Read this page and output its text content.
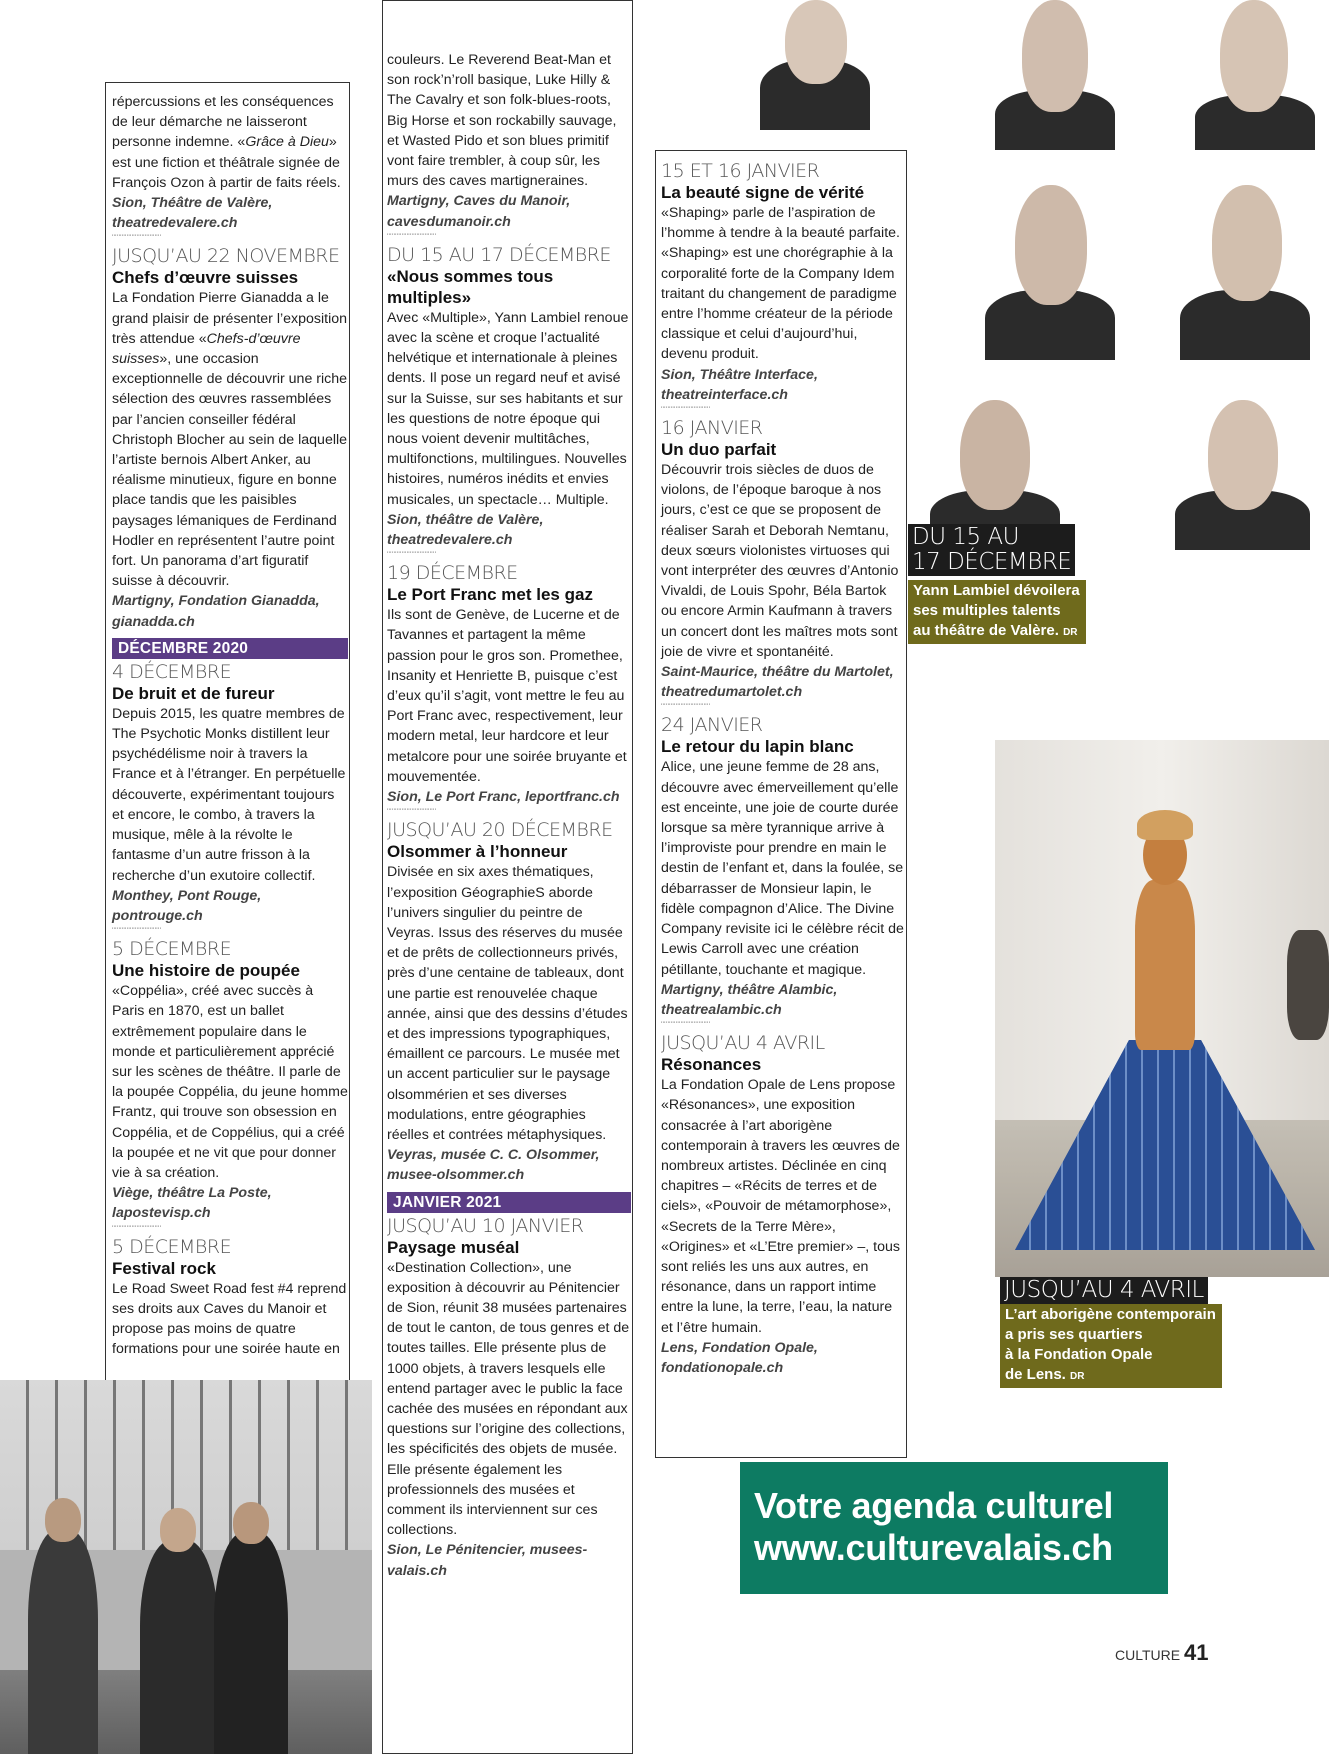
répercussions et les conséquences de leur démarche ne laisseront personne indemne. «Grâce à Dieu» est une fiction et théâtrale signée de François Ozon à partir de faits réels.

Sion, Théâtre de Valère, theatredevalere.ch

''''''''''''''''''''''''''''''
JUSQU’AU 22 NOVEMBRE
Chefs d’œuvre suisses

La Fondation Pierre Gianadda a le grand plaisir de présenter l’exposition très attendue «Chefs-d’œuvre suisses», une occasion exceptionnelle de découvrir une riche sélection des œuvres rassemblées par l’ancien conseiller fédéral Christoph Blocher au sein de laquelle l’artiste bernois Albert Anker, au réalisme minutieux, figure en bonne place tandis que les paisibles paysages lémaniques de Ferdinand Hodler en représentent l’autre point fort. Un panorama d’art figuratif suisse à découvrir.

Martigny, Fondation Gianadda, gianadda.ch

DÉCEMBRE 2020
4 DÉCEMBRE
De bruit et de fureur

Depuis 2015, les quatre membres de The Psychotic Monks distillent leur psychédélisme noir à travers la France et à l’étranger. En perpétuelle découverte, expérimentant toujours et encore, le combo, à travers la musique, mêle à la révolte le fantasme d’un autre frisson à la recherche d’un exutoire collectif.

Monthey, Pont Rouge, pontrouge.ch

''''''''''''''''''''''''''''''
5 DÉCEMBRE
Une histoire de poupée

«Coppélia», créé avec succès à Paris en 1870, est un ballet extrêmement populaire dans le monde et particulièrement apprécié sur les scènes de théâtre. Il parle de la poupée Coppélia, du jeune homme Frantz, qui trouve son obsession en Coppélia, et de Coppélius, qui a créé la poupée et ne vit que pour donner vie à sa création.

Viège, théâtre La Poste, lapostevisp.ch

''''''''''''''''''''''''''''''
5 DÉCEMBRE
Festival rock

Le Road Sweet Road fest #4 reprend ses droits aux Caves du Manoir et propose pas moins de quatre formations pour une soirée haute en

couleurs. Le Reverend Beat-Man et son rock’n’roll basique, Luke Hilly & The Cavalry et son folk-blues-roots, Big Horse et son rockabilly sauvage, et Wasted Pido et son blues primitif vont faire trembler, à coup sûr, les murs des caves martigneraines.

Martigny, Caves du Manoir, cavesdumanoir.ch

''''''''''''''''''''''''''''''
DU 15 AU 17 DÉCEMBRE
«Nous sommes tous multiples»

Avec «Multiple», Yann Lambiel renoue avec la scène et croque l’actualité helvétique et internationale à pleines dents. Il pose un regard neuf et avisé sur la Suisse, sur ses habitants et sur les questions de notre époque qui nous voient devenir multitâches, multifonctions, multilingues. Nouvelles histoires, numéros inédits et envies musicales, un spectacle… Multiple.

Sion, théâtre de Valère, theatredevalere.ch

''''''''''''''''''''''''''''''
19 DÉCEMBRE
Le Port Franc met les gaz

Ils sont de Genève, de Lucerne et de Tavannes et partagent la même passion pour le gros son. Promethee, Insanity et Henriette B, puisque c’est d’eux qu’il s’agit, vont mettre le feu au Port Franc avec, respectivement, leur modern metal, leur hardcore et leur metalcore pour une soirée bruyante et mouvementée.

Sion, Le Port Franc, leportfranc.ch

''''''''''''''''''''''''''''''
JUSQU’AU 20 DÉCEMBRE
Olsommer à l’honneur

Divisée en six axes thématiques, l’exposition GéographieS aborde l’univers singulier du peintre de Veyras. Issus des réserves du musée et de prêts de collectionneurs privés, près d’une centaine de tableaux, dont une partie est renouvelée chaque année, ainsi que des dessins d’études et des impressions typographiques, émaillent ce parcours. Le musée met un accent particulier sur le paysage olsommérien et ses diverses modulations, entre géographies réelles et contrées métaphysiques.

Veyras, musée C. C. Olsommer, musee-olsommer.ch

JANVIER 2021
JUSQU’AU 10 JANVIER
Paysage muséal

«Destination Collection», une exposition à découvrir au Pénitencier de Sion, réunit 38 musées partenaires de tout le canton, de tous genres et de toutes tailles. Elle présente plus de 1000 objets, à travers lesquels elle entend partager avec le public la face cachée des musées en répondant aux questions sur l’origine des collections, les spécificités des objets de musée. Elle présente également les professionnels des musées et comment ils interviennent sur ces collections.

Sion, Le Pénitencier, musees-valais.ch

15 ET 16 JANVIER
La beauté signe de vérité

«Shaping» parle de l’aspiration de l’homme à tendre à la beauté parfaite. «Shaping» est une chorégraphie à la corporalité forte de la Company Idem traitant du changement de paradigme entre l’homme créateur de la période classique et celui d’aujourd’hui, devenu produit.

Sion, Théâtre Interface, theatreinterface.ch

''''''''''''''''''''''''''''''
16 JANVIER
Un duo parfait

Découvrir trois siècles de duos de violons, de l’époque baroque à nos jours, c’est ce que se proposent de réaliser Sarah et Deborah Nemtanu, deux sœurs violonistes virtuoses qui vont interpréter des œuvres d’Antonio Vivaldi, de Louis Spohr, Béla Bartok ou encore Armin Kaufmann à travers un concert dont les maîtres mots sont joie de vivre et spontanéité.

Saint-Maurice, théâtre du Martolet, theatredumartolet.ch

''''''''''''''''''''''''''''''
24 JANVIER
Le retour du lapin blanc

Alice, une jeune femme de 28 ans, découvre avec émerveillement qu’elle est enceinte, une joie de courte durée lorsque sa mère tyrannique arrive à l’improviste pour prendre en main le destin de l’enfant et, dans la foulée, se débarrasser de Monsieur lapin, le fidèle compagnon d’Alice. The Divine Company revisite ici le célèbre récit de Lewis Carroll avec une création pétillante, touchante et magique.

Martigny, théâtre Alambic, theatrealambic.ch

''''''''''''''''''''''''''''''
JUSQU’AU 4 AVRIL
Résonances

La Fondation Opale de Lens propose «Résonances», une exposition consacrée à l’art aborigène contemporain à travers les œuvres de nombreux artistes. Déclinée en cinq chapitres – «Récits de terres et de ciels», «Pouvoir de métamorphose», «Secrets de la Terre Mère», «Origines» et «L’Etre premier» –, tous sont reliés les uns aux autres, en résonance, dans un rapport intime entre la lune, la terre, l’eau, la nature et l’être humain.

Lens, Fondation Opale, fondationopale.ch

DU 15 AU
17 DÉCEMBRE
Yann Lambiel dévoilera
ses multiples talents
au théâtre de Valère. DR
JUSQU’AU 4 AVRIL
L’art aborigène contemporain
a pris ses quartiers
à la Fondation Opale
de Lens. DR
Votre agenda culturel
www.culturevalais.ch
CULTURE 41
